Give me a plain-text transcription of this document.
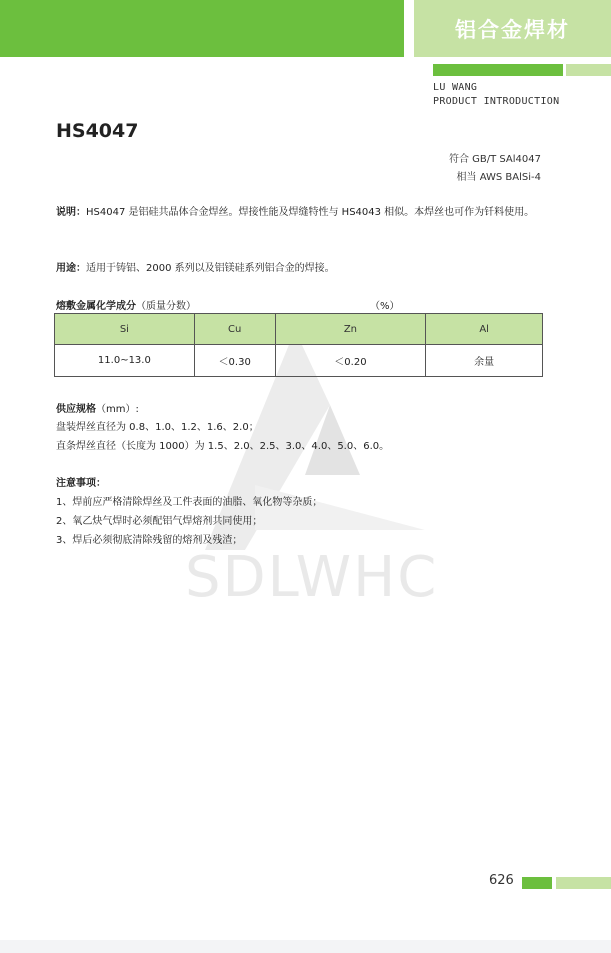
铝合金焊材
LU WANG
PRODUCT INTRODUCTION
HS4047
符合 GB/T SAl4047
相当 AWS BAlSi-4
说明：HS4047 是铝硅共晶体合金焊丝。焊接性能及焊缝特性与 HS4043 相似。本焊丝也可作为钎料使用。
用途：适用于铸铝、2000 系列以及铝镁硅系列铝合金的焊接。
SDLWHC
熔敷金属化学成分（质量分数）	（%）
Si	Cu	Zn	Al
11.0~13.0	＜0.30	＜0.20	余量
供应规格（mm）:
盘装焊丝直径为 0.8、1.0、1.2、1.6、2.0；
直条焊丝直径（长度为 1000）为 1.5、2.0、2.5、3.0、4.0、5.0、6.0。
注意事项：
1、焊前应严格清除焊丝及工件表面的油脂、氧化物等杂质；
2、氧乙炔气焊时必须配铝气焊熔剂共同使用；
3、焊后必须彻底清除残留的熔剂及残渣；
626
